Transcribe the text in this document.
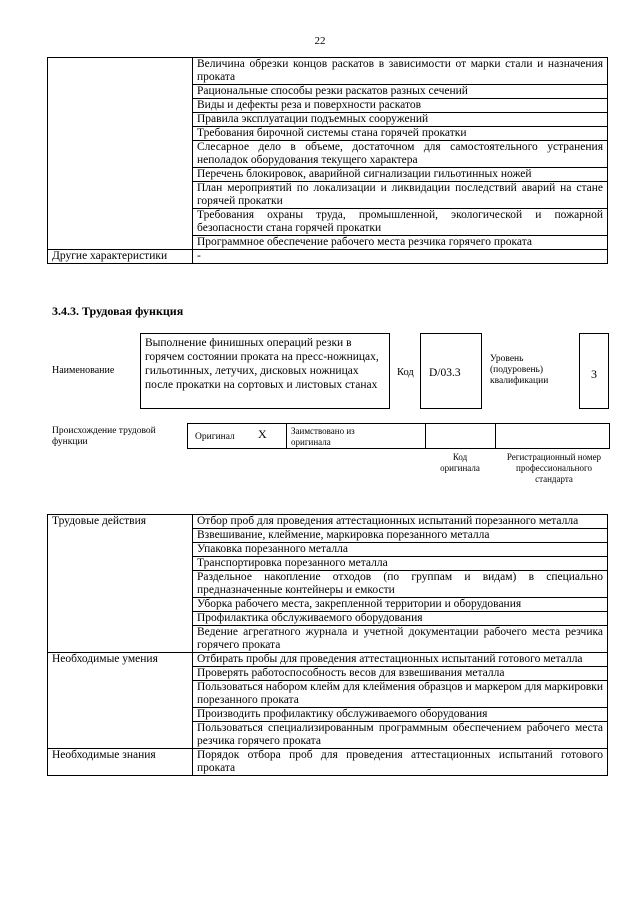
22
	Величина обрезки концов раскатов в зависимости от марки стали и назначения проката
	Рациональные способы резки раскатов разных сечений
	Виды и дефекты реза и поверхности раскатов
	Правила эксплуатации подъемных сооружений
	Требования бирочной системы стана горячей прокатки
	Слесарное дело в объеме, достаточном для самостоятельного устранения неполадок оборудования текущего характера
	Перечень блокировок, аварийной сигнализации гильотинных ножей
	План мероприятий по локализации и ликвидации последствий аварий на стане горячей прокатки
	Требования охраны труда, промышленной, экологической и пожарной безопасности стана горячей прокатки
	Программное обеспечение рабочего места резчика горячего проката
Другие характеристики	-
3.4.3. Трудовая функция
Наименование
Выполнение финишных операций резки в горячем состоянии проката на пресс-ножницах, гильотинных, летучих, дисковых ножницах после прокатки на сортовых и листовых станах
Код	D/03.3
Уровень (подуровень) квалификации	3
Происхождение трудовой функции	Оригинал X	Заимствовано из оригинала
Код оригинала
Регистрационный номер профессионального стандарта
Трудовые действия	Отбор проб для проведения аттестационных испытаний порезанного металла
	Взвешивание, клеймение, маркировка порезанного металла
	Упаковка порезанного металла
	Транспортировка порезанного металла
	Раздельное накопление отходов (по группам и видам) в специально предназначенные контейнеры и емкости
	Уборка рабочего места, закрепленной территории и оборудования
	Профилактика обслуживаемого оборудования
	Ведение агрегатного журнала и учетной документации рабочего места резчика горячего проката
Необходимые умения	Отбирать пробы для проведения аттестационных испытаний готового металла
	Проверять работоспособность весов для взвешивания металла
	Пользоваться набором клейм для клеймения образцов и маркером для маркировки порезанного проката
	Производить профилактику обслуживаемого оборудования
	Пользоваться специализированным программным обеспечением рабочего места резчика горячего проката
Необходимые знания	Порядок отбора проб для проведения аттестационных испытаний готового проката
